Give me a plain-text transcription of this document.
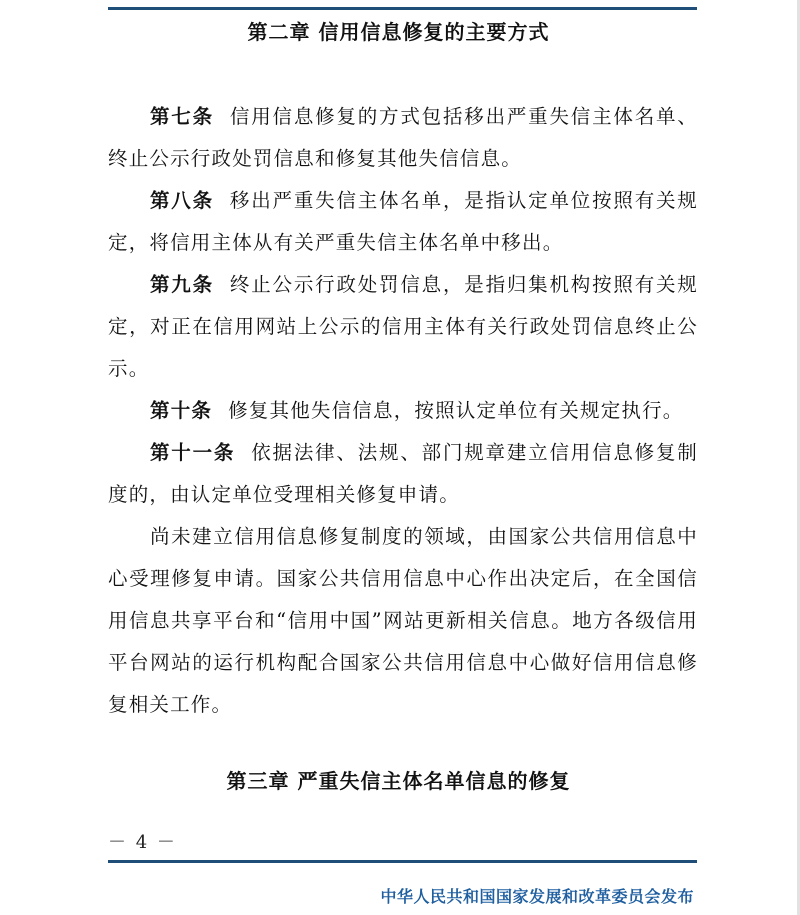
第二章 信用信息修复的主要方式

第七条 信用信息修复的方式包括移出严重失信主体名单、终止公示行政处罚信息和修复其他失信信息。

第八条 移出严重失信主体名单，是指认定单位按照有关规定，将信用主体从有关严重失信主体名单中移出。

第九条 终止公示行政处罚信息，是指归集机构按照有关规定，对正在信用网站上公示的信用主体有关行政处罚信息终止公示。

第十条 修复其他失信信息，按照认定单位有关规定执行。

第十一条 依据法律、法规、部门规章建立信用信息修复制度的，由认定单位受理相关修复申请。

尚未建立信用信息修复制度的领域，由国家公共信用信息中心受理修复申请。国家公共信用信息中心作出决定后，在全国信用信息共享平台和“信用中国”网站更新相关信息。地方各级信用平台网站的运行机构配合国家公共信用信息中心做好信用信息修复相关工作。

第三章 严重失信主体名单信息的修复
－ 4 －
中华人民共和国国家发展和改革委员会发布
